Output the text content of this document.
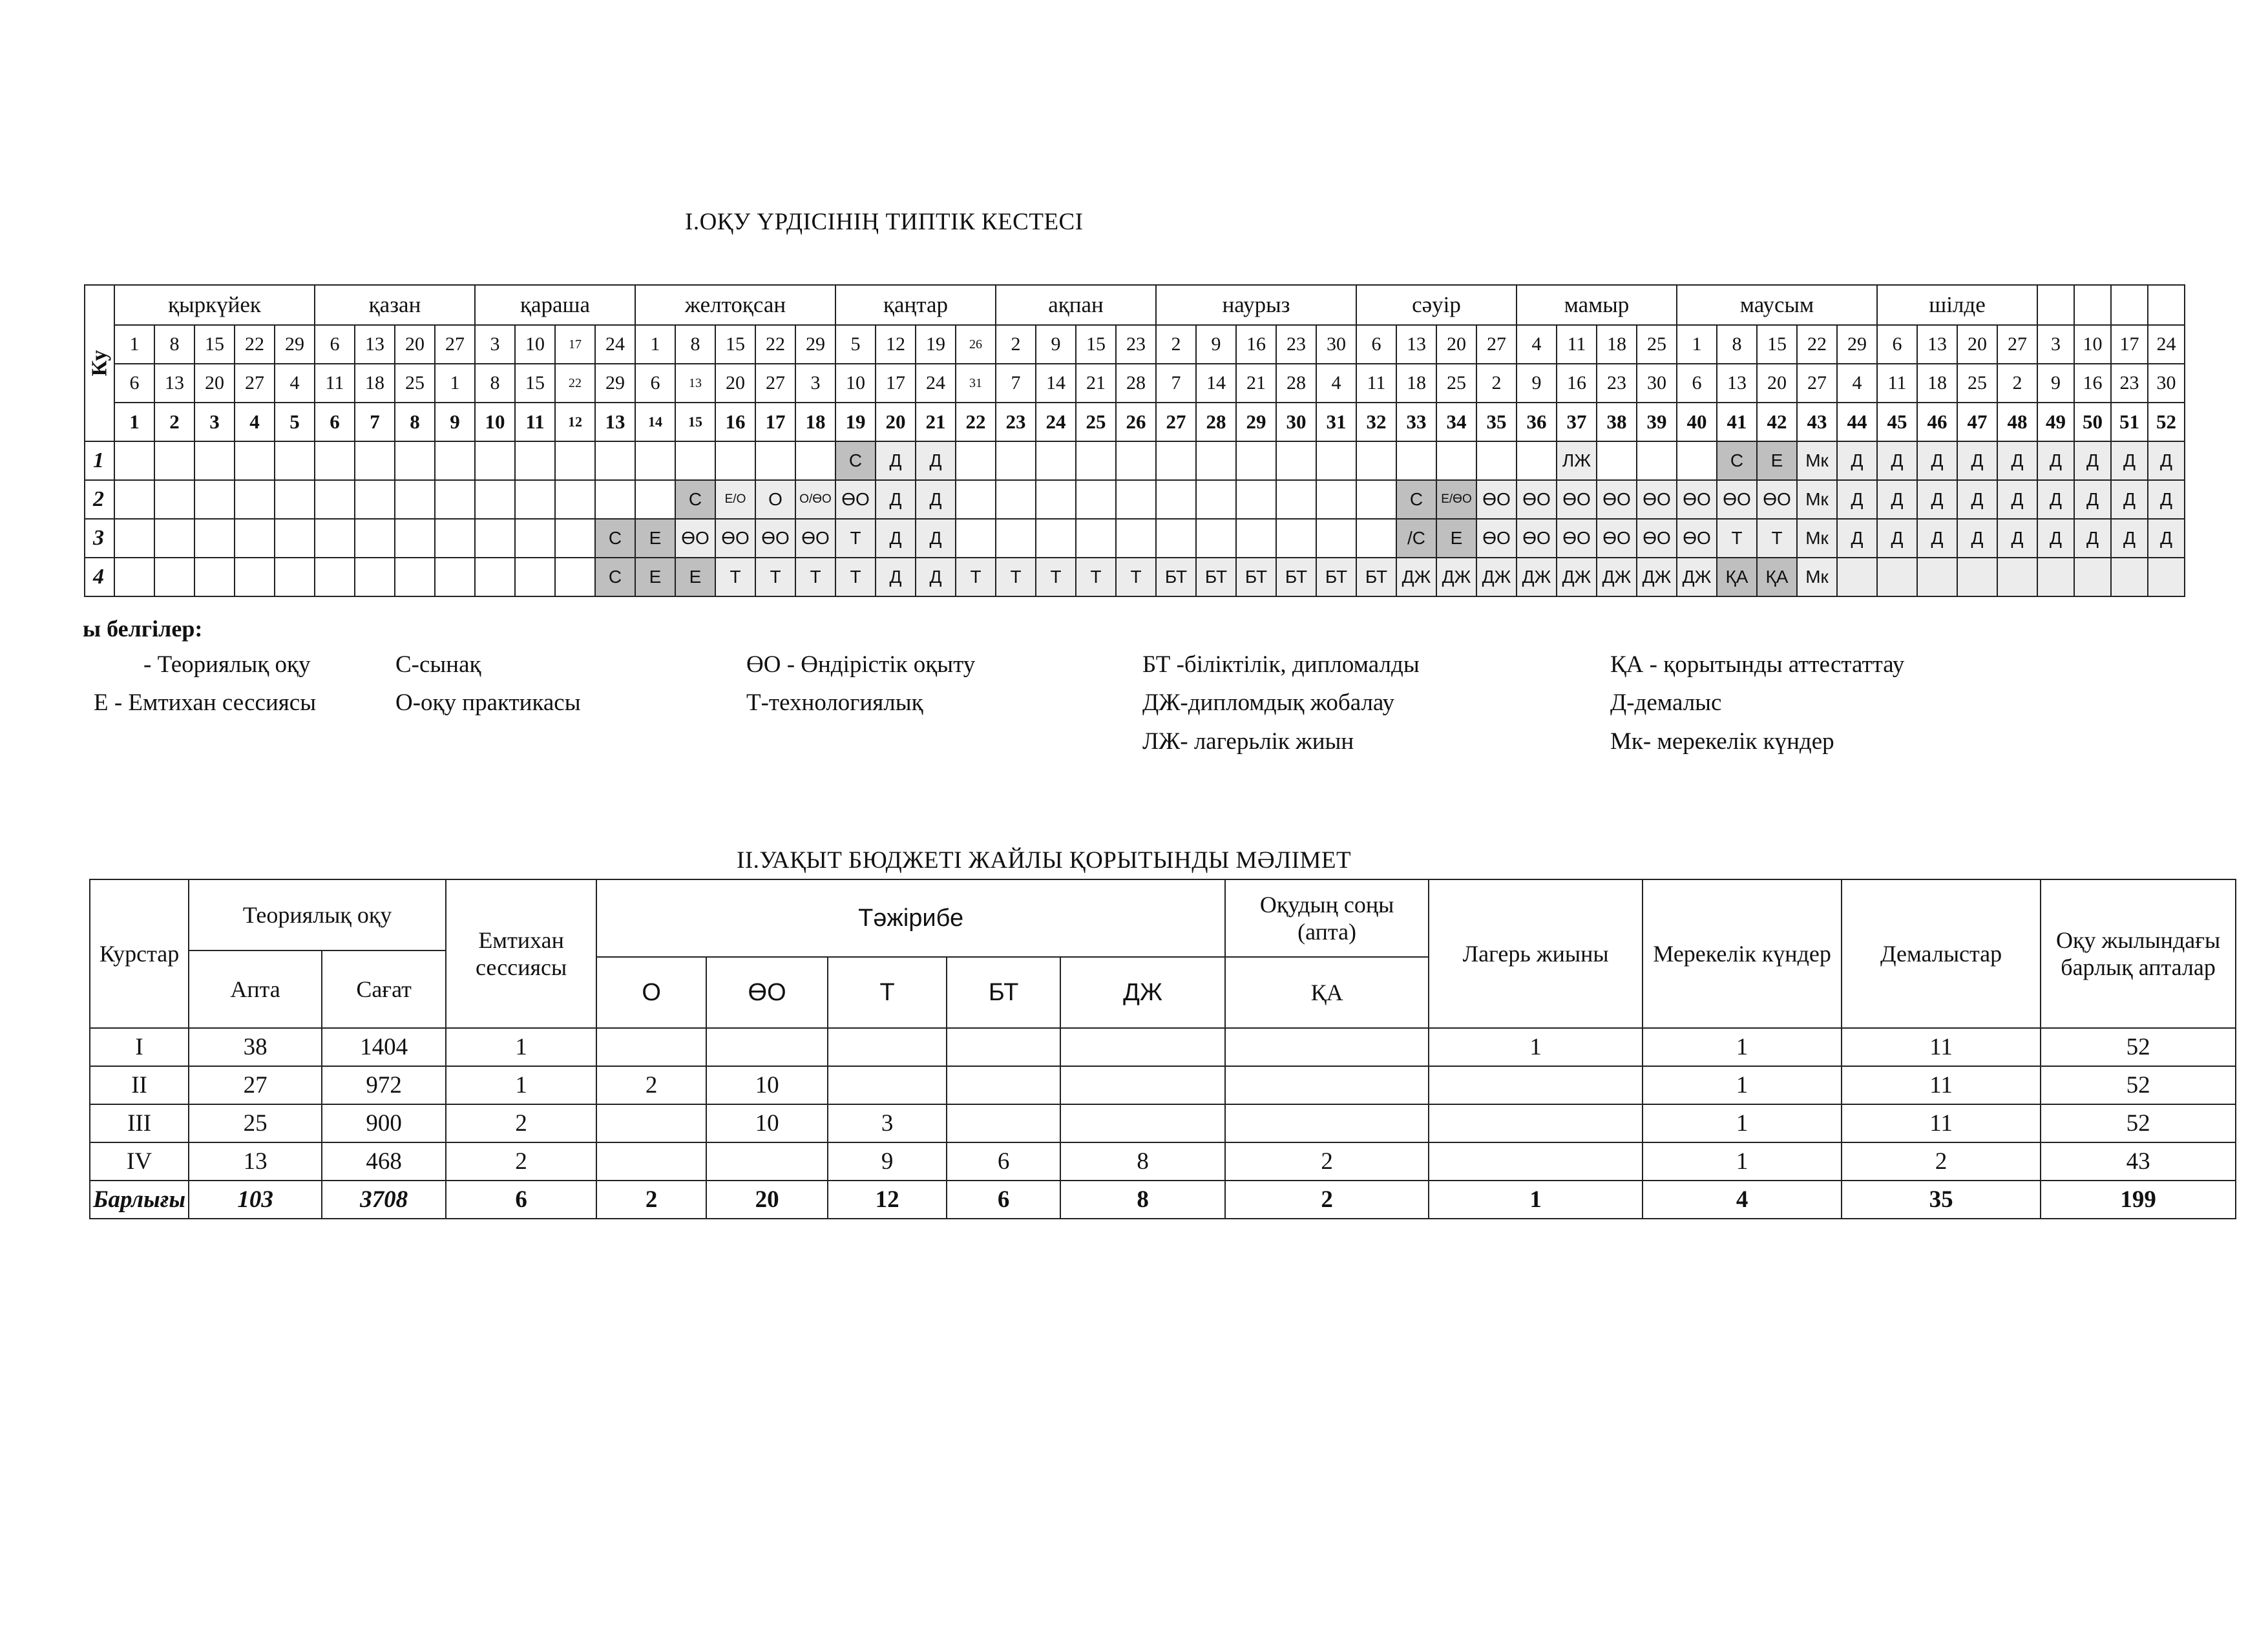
І.ОҚУ ҮРДІСІНІҢ ТИПТІК КЕСТЕСІ
Ку	қыркүйек					қазан				қараша				желтоқсан					қаңтар				ақпан				наурыз					сәуір				мамыр				маусым					шілде							
	1	8	15	22	29	6	13	20	27	3	10	17	24	1	8	15	22	29	5	12	19	26	2	9	15	23	2	9	16	23	30	6	13	20	27	4	11	18	25	1	8	15	22	29	6	13	20	27	3	10	17	24
	6	13	20	27	4	11	18	25	1	8	15	22	29	6	13	20	27	3	10	17	24	31	7	14	21	28	7	14	21	28	4	11	18	25	2	9	16	23	30	6	13	20	27	4	11	18	25	2	9	16	23	30
	1	2	3	4	5	6	7	8	9	10	11	12	13	14	15	16	17	18	19	20	21	22	23	24	25	26	27	28	29	30	31	32	33	34	35	36	37	38	39	40	41	42	43	44	45	46	47	48	49	50	51	52
1																			С	Д	Д																ЛЖ				С	Е	Мк	Д	Д	Д	Д	Д	Д	Д	Д	Д
2															С	Е/О	О	О/ӨО	ӨО	Д	Д												С	Е/ӨО	ӨО	ӨО	ӨО	ӨО	ӨО	ӨО	ӨО	ӨО	Мк	Д	Д	Д	Д	Д	Д	Д	Д	Д
3													С	Е	ӨО	ӨО	ӨО	ӨО	Т	Д	Д												/С	Е	ӨО	ӨО	ӨО	ӨО	ӨО	ӨО	Т	Т	Мк	Д	Д	Д	Д	Д	Д	Д	Д	Д
4													С	Е	Е	Т	Т	Т	Т	Д	Д	Т	Т	Т	Т	Т	БТ	БТ	БТ	БТ	БТ	БТ	ДЖ	ДЖ	ДЖ	ДЖ	ДЖ	ДЖ	ДЖ	ДЖ	ҚА	ҚА	Мк									
ы белгілер:
- Теориялық оқу
Е - Емтихан сессиясы
С-сынақ
О-оқу практикасы
ӨО - Өндірістік оқыту
Т-технологиялық
БТ -біліктілік, дипломалды
ДЖ-дипломдық жобалау
ЛЖ- лагерьлік жиын
ҚА - қорытынды аттестаттау
Д-демалыс
Мк- мерекелік күндер
ІІ.УАҚЫТ БЮДЖЕТІ ЖАЙЛЫ ҚОРЫТЫНДЫ МӘЛІМЕТ
Курстар	Теориялық оқу		Емтихан сессиясы	Тәжірибе					Оқудың соңы (апта)	Лагерь жиыны	Мерекелік күндер	Демалыстар	Оқу жылындағы барлық апталар
	Апта	Сағат											
				О	ӨО	Т	БТ	ДЖ	ҚА				
I	38	1404	1							1	1	11	52
II	27	972	1	2	10						1	11	52
III	25	900	2		10	3					1	11	52
IV	13	468	2			9	6	8	2		1	2	43
Барлығы	103	3708	6	2	20	12	6	8	2	1	4	35	199
